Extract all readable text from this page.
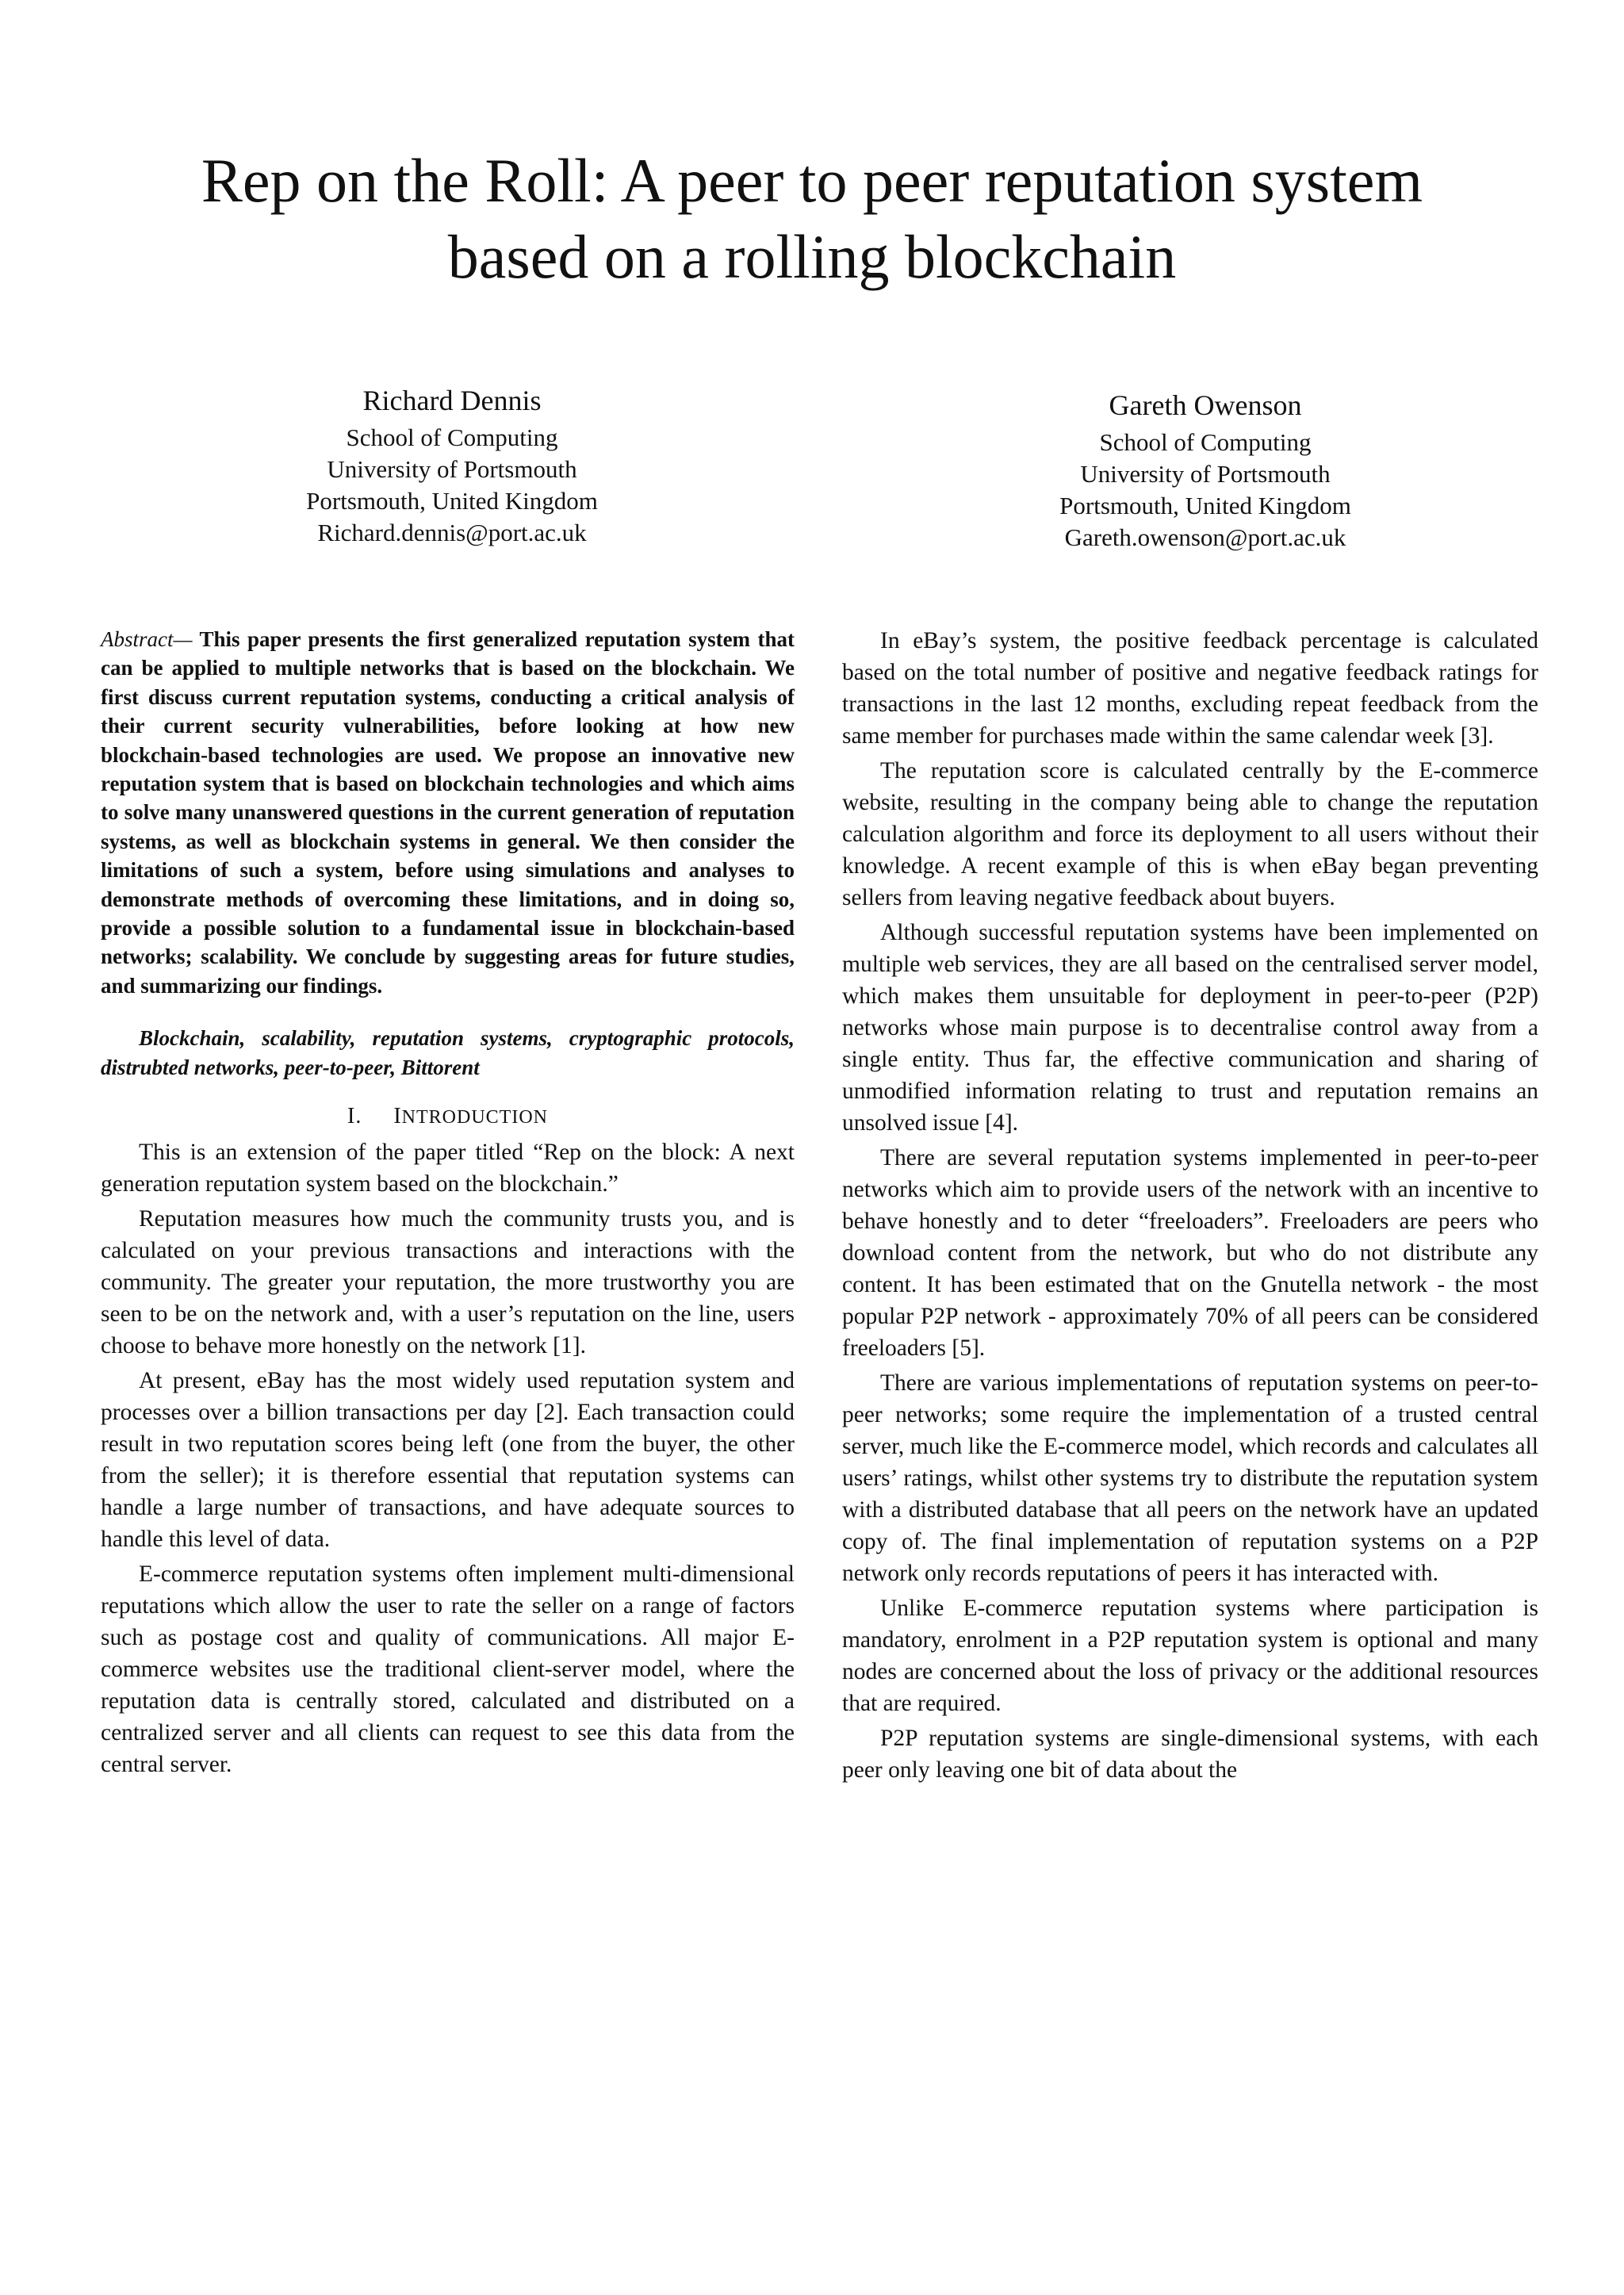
Rep on the Roll: A peer to peer reputation system
based on a rolling blockchain
Richard Dennis
School of Computing
University of Portsmouth
Portsmouth, United Kingdom
Richard.dennis@port.ac.uk
Gareth Owenson
School of Computing
University of Portsmouth
Portsmouth, United Kingdom
Gareth.owenson@port.ac.uk

Abstract— This paper presents the first generalized reputation system that can be applied to multiple networks that is based on the blockchain. We first discuss current reputation systems, conducting a critical analysis of their current security vulnerabilities, before looking at how new blockchain-based technologies are used. We propose an innovative new reputation system that is based on blockchain technologies and which aims to solve many unanswered questions in the current generation of reputation systems, as well as blockchain systems in general. We then consider the limitations of such a system, before using simulations and analyses to demonstrate methods of overcoming these limitations, and in doing so, provide a possible solution to a fundamental issue in blockchain-based networks; scalability. We conclude by suggesting areas for future studies, and summarizing our findings.

Blockchain, scalability, reputation systems, cryptographic protocols, distrubted networks, peer-to-peer, Bittorent

I. INTRODUCTION

This is an extension of the paper titled “Rep on the block: A next generation reputation system based on the blockchain.”

Reputation measures how much the community trusts you, and is calculated on your previous transactions and interactions with the community. The greater your reputation, the more trustworthy you are seen to be on the network and, with a user’s reputation on the line, users choose to behave more honestly on the network [1].

At present, eBay has the most widely used reputation system and processes over a billion transactions per day [2]. Each transaction could result in two reputation scores being left (one from the buyer, the other from the seller); it is therefore essential that reputation systems can handle a large number of transactions, and have adequate sources to handle this level of data.

E-commerce reputation systems often implement multi-dimensional reputations which allow the user to rate the seller on a range of factors such as postage cost and quality of communications. All major E-commerce websites use the traditional client-server model, where the reputation data is centrally stored, calculated and distributed on a centralized server and all clients can request to see this data from the central server.

In eBay’s system, the positive feedback percentage is calculated based on the total number of positive and negative feedback ratings for transactions in the last 12 months, excluding repeat feedback from the same member for purchases made within the same calendar week [3].

The reputation score is calculated centrally by the E-commerce website, resulting in the company being able to change the reputation calculation algorithm and force its deployment to all users without their knowledge. A recent example of this is when eBay began preventing sellers from leaving negative feedback about buyers.

Although successful reputation systems have been implemented on multiple web services, they are all based on the centralised server model, which makes them unsuitable for deployment in peer-to-peer (P2P) networks whose main purpose is to decentralise control away from a single entity. Thus far, the effective communication and sharing of unmodified information relating to trust and reputation remains an unsolved issue [4].

There are several reputation systems implemented in peer-to-peer networks which aim to provide users of the network with an incentive to behave honestly and to deter “freeloaders”. Freeloaders are peers who download content from the network, but who do not distribute any content. It has been estimated that on the Gnutella network - the most popular P2P network - approximately 70% of all peers can be considered freeloaders [5].

There are various implementations of reputation systems on peer-to-peer networks; some require the implementation of a trusted central server, much like the E-commerce model, which records and calculates all users’ ratings, whilst other systems try to distribute the reputation system with a distributed database that all peers on the network have an updated copy of. The final implementation of reputation systems on a P2P network only records reputations of peers it has interacted with.

Unlike E-commerce reputation systems where participation is mandatory, enrolment in a P2P reputation system is optional and many nodes are concerned about the loss of privacy or the additional resources that are required.

P2P reputation systems are single-dimensional systems, with each peer only leaving one bit of data about the
